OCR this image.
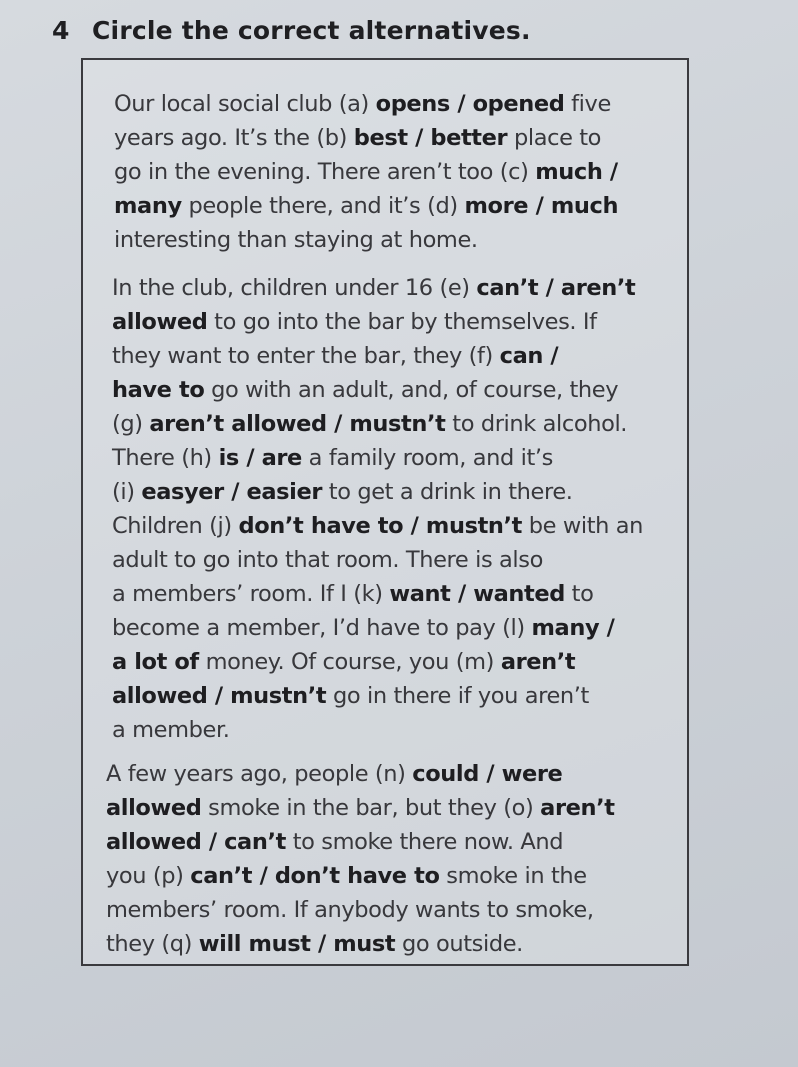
4 Circle the correct alternatives.
Our local social club (a) opens / opened five
years ago. It’s the (b) best / better place to
go in the evening. There aren’t too (c) much /
many people there, and it’s (d) more / much
interesting than staying at home.
In the club, children under 16 (e) can’t / aren’t
allowed to go into the bar by themselves. If
they want to enter the bar, they (f) can /
have to go with an adult, and, of course, they
(g) aren’t allowed / mustn’t to drink alcohol.
There (h) is / are a family room, and it’s
(i) easyer / easier to get a drink in there.
Children (j) don’t have to / mustn’t be with an
adult to go into that room. There is also
a members’ room. If I (k) want / wanted to
become a member, I’d have to pay (l) many /
a lot of money. Of course, you (m) aren’t
allowed / mustn’t go in there if you aren’t
a member.
A few years ago, people (n) could / were
allowed smoke in the bar, but they (o) aren’t
allowed / can’t to smoke there now. And
you (p) can’t / don’t have to smoke in the
members’ room. If anybody wants to smoke,
they (q) will must / must go outside.
